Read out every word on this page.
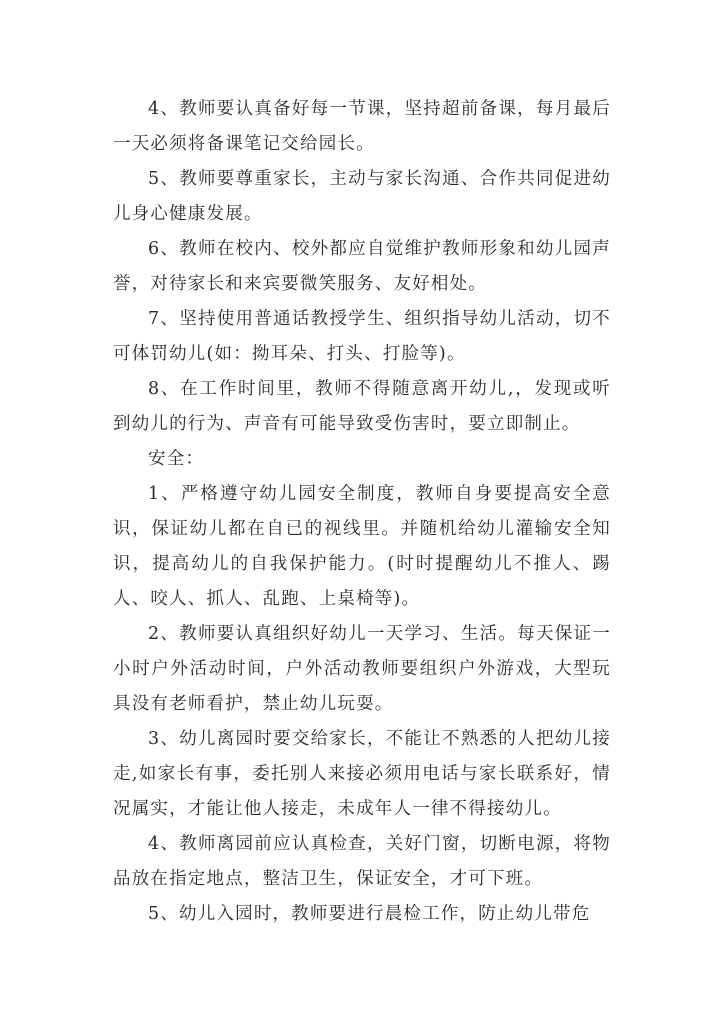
4、教师要认真备好每一节课，坚持超前备课，每月最后一天必须将备课笔记交给园长。

5、教师要尊重家长，主动与家长沟通、合作共同促进幼儿身心健康发展。

6、教师在校内、校外都应自觉维护教师形象和幼儿园声誉，对待家长和来宾要微笑服务、友好相处。

7、坚持使用普通话教授学生、组织指导幼儿活动，切不可体罚幼儿(如：拗耳朵、打头、打脸等)。

8、在工作时间里，教师不得随意离开幼儿,，发现或听到幼儿的行为、声音有可能导致受伤害时，要立即制止。

安全：

1、严格遵守幼儿园安全制度，教师自身要提高安全意识，保证幼儿都在自已的视线里。并随机给幼儿灌输安全知识，提高幼儿的自我保护能力。(时时提醒幼儿不推人、踢人、咬人、抓人、乱跑、上桌椅等)。

2、教师要认真组织好幼儿一天学习、生活。每天保证一小时户外活动时间，户外活动教师要组织户外游戏，大型玩具没有老师看护，禁止幼儿玩耍。

3、幼儿离园时要交给家长，不能让不熟悉的人把幼儿接走,如家长有事，委托别人来接必须用电话与家长联系好，情况属实，才能让他人接走，未成年人一律不得接幼儿。

4、教师离园前应认真检查，关好门窗，切断电源，将物品放在指定地点，整洁卫生，保证安全，才可下班。

5、幼儿入园时，教师要进行晨检工作，防止幼儿带危
